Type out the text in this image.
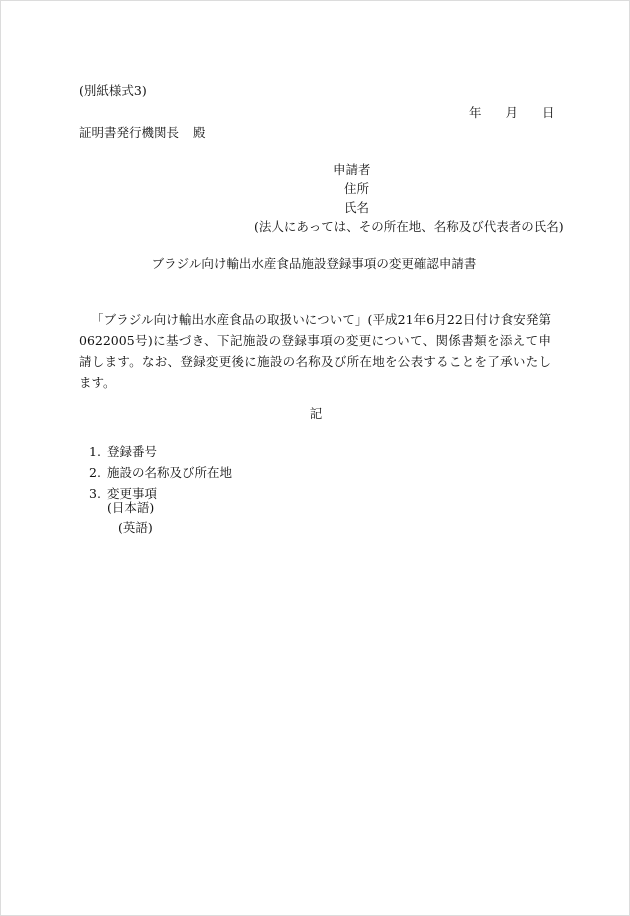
(別紙様式3)
年 月 日
証明書発行機関長 殿
申請者
住所
氏名
(法人にあっては、その所在地、名称及び代表者の氏名)
ブラジル向け輸出水産食品施設登録事項の変更確認申請書
「ブラジル向け輸出水産食品の取扱いについて」(平成21年6月22日付け食安発第0622005号)に基づき、下記施設の登録事項の変更について、関係書類を添えて申請します。なお、登録変更後に施設の名称及び所在地を公表することを了承いたします。
記
1. 登録番号
2. 施設の名称及び所在地
3. 変更事項
(日本語)
(英語)
